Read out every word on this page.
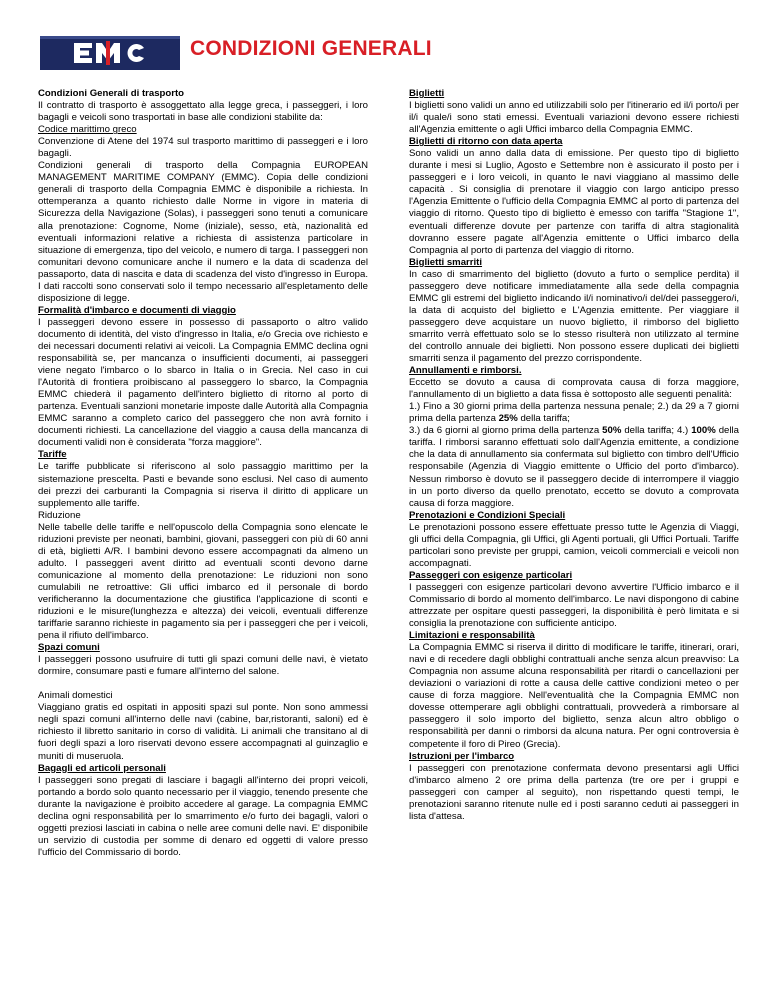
CONDIZIONI GENERALI

Condizioni Generali di trasporto

Il contratto di trasporto è assoggettato alla legge greca, i passeggeri, i loro bagagli e veicoli sono trasportati in base alle condizioni stabilite da:

Codice marittimo greco

Convenzione di Atene del 1974 sul trasporto marittimo di passeggeri e i loro bagagli.

Condizioni generali di trasporto della Compagnia EUROPEAN MANAGEMENT MARITIME COMPANY (EMMC). Copia delle condizioni generali di trasporto della Compagnia EMMC è disponibile a richiesta. In ottemperanza a quanto richiesto dalle Norme in vigore in materia di Sicurezza della Navigazione (Solas), i passeggeri sono tenuti a comunicare alla prenotazione: Cognome, Nome (iniziale), sesso, età, nazionalità ed eventuali informazioni relative a richiesta di assistenza particolare in situazione di emergenza, tipo del veicolo, e numero di targa. I passeggeri non comunitari devono comunicare anche il numero e la data di scadenza del passaporto, data di nascita e data di scadenza del visto d'ingresso in Europa. I dati raccolti sono conservati solo il tempo necessario all'espletamento delle disposizione di legge.

Formalità d'imbarco e documenti di viaggio

I passeggeri devono essere in possesso di passaporto o altro valido documento di identità, del visto d'ingresso in Italia, e/o Grecia ove richiesto e dei necessari documenti relativi ai veicoli. La Compagnia EMMC declina ogni responsabilità se, per mancanza o insufficienti documenti, ai passeggeri viene negato l'imbarco o lo sbarco in Italia o in Grecia. Nel caso in cui l'Autorità di frontiera proibiscano al passeggero lo sbarco, la Compagnia EMMC chiederà il pagamento dell'intero biglietto di ritorno al porto di partenza. Eventuali sanzioni monetarie imposte dalle Autorità alla Compagnia EMMC saranno a completo carico del passeggero che non avrà fornito i documenti richiesti. La cancellazione del viaggio a causa della mancanza di documenti validi non è considerata "forza maggiore".

Tariffe

Le tariffe pubblicate si riferiscono al solo passaggio marittimo per la sistemazione prescelta. Pasti e bevande sono esclusi. Nel caso di aumento dei prezzi dei carburanti la Compagnia si riserva il diritto di applicare un supplemento alle tariffe.

Riduzione

Nelle tabelle delle tariffe e nell'opuscolo della Compagnia sono elencate le riduzioni previste per neonati, bambini, giovani, passeggeri con più di 60 anni di età, biglietti A/R. I bambini devono essere accompagnati da almeno un adulto. I passeggeri avent diritto ad eventuali sconti devono darne comunicazione al momento della prenotazione: Le riduzioni non sono cumulabili ne retroattive: Gli uffici imbarco ed il personale di bordo verificheranno la documentazione che giustifica l'applicazione di sconti e riduzioni e le misure(lunghezza e altezza) dei veicoli, eventuali differenze tariffarie saranno richieste in pagamento sia per i passeggeri che per i veicoli, pena il rifiuto dell'imbarco.

Spazi comuni

I passeggeri possono usufruire di tutti gli spazi comuni delle navi, è vietato dormire, consumare pasti e fumare all'interno del salone.

Animali domestici

Viaggiano gratis ed ospitati in appositi spazi sul ponte. Non sono ammessi negli spazi comuni all'interno delle navi (cabine, bar,ristoranti, saloni) ed è richiesto il libretto sanitario in corso di validità. Li animali che transitano al di fuori degli spazi a loro riservati devono essere accompagnati al guinzaglio e muniti di museruola.

Bagagli ed articoli personali

I passeggeri sono pregati di lasciare i bagagli all'interno dei propri veicoli, portando a bordo solo quanto necessario per il viaggio, tenendo presente che durante la navigazione è proibito accedere al garage. La compagnia EMMC declina ogni responsabilità per lo smarrimento e/o furto dei bagagli, valori o oggetti preziosi lasciati in cabina o nelle aree comuni delle navi. E' disponibile un servizio di custodia per somme di denaro ed oggetti di valore presso l'ufficio del Commissario di bordo.

Biglietti

I biglietti sono validi un anno ed utilizzabili solo per l'itinerario ed il/i porto/i per il/i quale/i sono stati emessi. Eventuali variazioni devono essere richiesti all'Agenzia emittente o agli Uffici imbarco della Compagnia EMMC.

Biglietti di ritorno con data aperta

Sono validi un anno dalla data di emissione. Per questo tipo di biglietto durante i mesi si Luglio, Agosto e Settembre non è assicurato il posto per i passeggeri e i loro veicoli, in quanto le navi viaggiano al massimo delle capacità . Si consiglia di prenotare il viaggio con largo anticipo presso l'Agenzia Emittente o l'ufficio della Compagnia EMMC al porto di partenza del viaggio di ritorno. Questo tipo di biglietto è emesso con tariffa "Stagione 1", eventuali differenze dovute per partenze con tariffa di altra stagionalità dovranno essere pagate all'Agenzia emittente o Uffici imbarco della Compagnia al porto di partenza del viaggio di ritorno.

Biglietti smarriti

In caso di smarrimento del biglietto (dovuto a furto o semplice perdita) il passeggero deve notificare immediatamente alla sede della compagnia EMMC gli estremi del biglietto indicando il/i nominativo/i del/dei passeggero/i, la data di acquisto del biglietto e L'Agenzia emittente. Per viaggiare il passeggero deve acquistare un nuovo biglietto, il rimborso del biglietto smarrito verrà effettuato solo se lo stesso risulterà non utilizzato al termine del controllo annuale dei biglietti. Non possono essere duplicati dei biglietti smarriti senza il pagamento del prezzo corrispondente.

Annullamenti e rimborsi.

Eccetto se dovuto a causa di comprovata causa di forza maggiore, l'annullamento di un biglietto a data fissa è sottoposto alle seguenti penalità:

1.) Fino a 30 giorni prima della partenza nessuna penale; 2.) da 29 a 7 giorni prima della partenza 25% della tariffa;

3.) da 6 giorni al giorno prima della partenza 50% della tariffa; 4.) 100% della tariffa. I rimborsi saranno effettuati solo dall'Agenzia emittente, a condizione che la data di annullamento sia confermata sul biglietto con timbro dell'Ufficio responsabile (Agenzia di Viaggio emittente o Ufficio del porto d'imbarco). Nessun rimborso è dovuto se il passeggero decide di interrompere il viaggio in un porto diverso da quello prenotato, eccetto se dovuto a comprovata causa di forza maggiore.

Prenotazioni e Condizioni Speciali

Le prenotazioni possono essere effettuate presso tutte le Agenzia di Viaggi, gli uffici della Compagnia, gli Uffici, gli Agenti portuali, gli Uffici Portuali. Tariffe particolari sono previste per gruppi, camion, veicoli commerciali e veicoli non accompagnati.

Passeggeri con esigenze particolari

I passeggeri con esigenze particolari devono avvertire l'Ufficio imbarco e il Commissario di bordo al momento dell'imbarco. Le navi dispongono di cabine attrezzate per ospitare questi passeggeri, la disponibilità è però limitata e si consiglia la prenotazione con sufficiente anticipo.

Limitazioni e responsabilità

La Compagnia EMMC si riserva il diritto di modificare le tariffe, itinerari, orari, navi e di recedere dagli obblighi contrattuali anche senza alcun preavviso: La Compagnia non assume alcuna responsabilità per ritardi o cancellazioni per deviazioni o variazioni di rotte a causa delle cattive condizioni meteo o per cause di forza maggiore. Nell'eventualità che la Compagnia EMMC non dovesse ottemperare agli obblighi contrattuali, provvederà a rimborsare al passeggero il solo importo del biglietto, senza alcun altro obbligo o responsabilità per danni o rimborsi da alcuna natura. Per ogni controversia è competente il foro di Pireo (Grecia).

Istruzioni per l'imbarco

I passeggeri con prenotazione confermata devono presentarsi agli Uffici d'imbarco almeno 2 ore prima della partenza (tre ore per i gruppi e passeggeri con camper al seguito), non rispettando questi tempi, le prenotazioni saranno ritenute nulle ed i posti saranno ceduti ai passeggeri in lista d'attesa.
